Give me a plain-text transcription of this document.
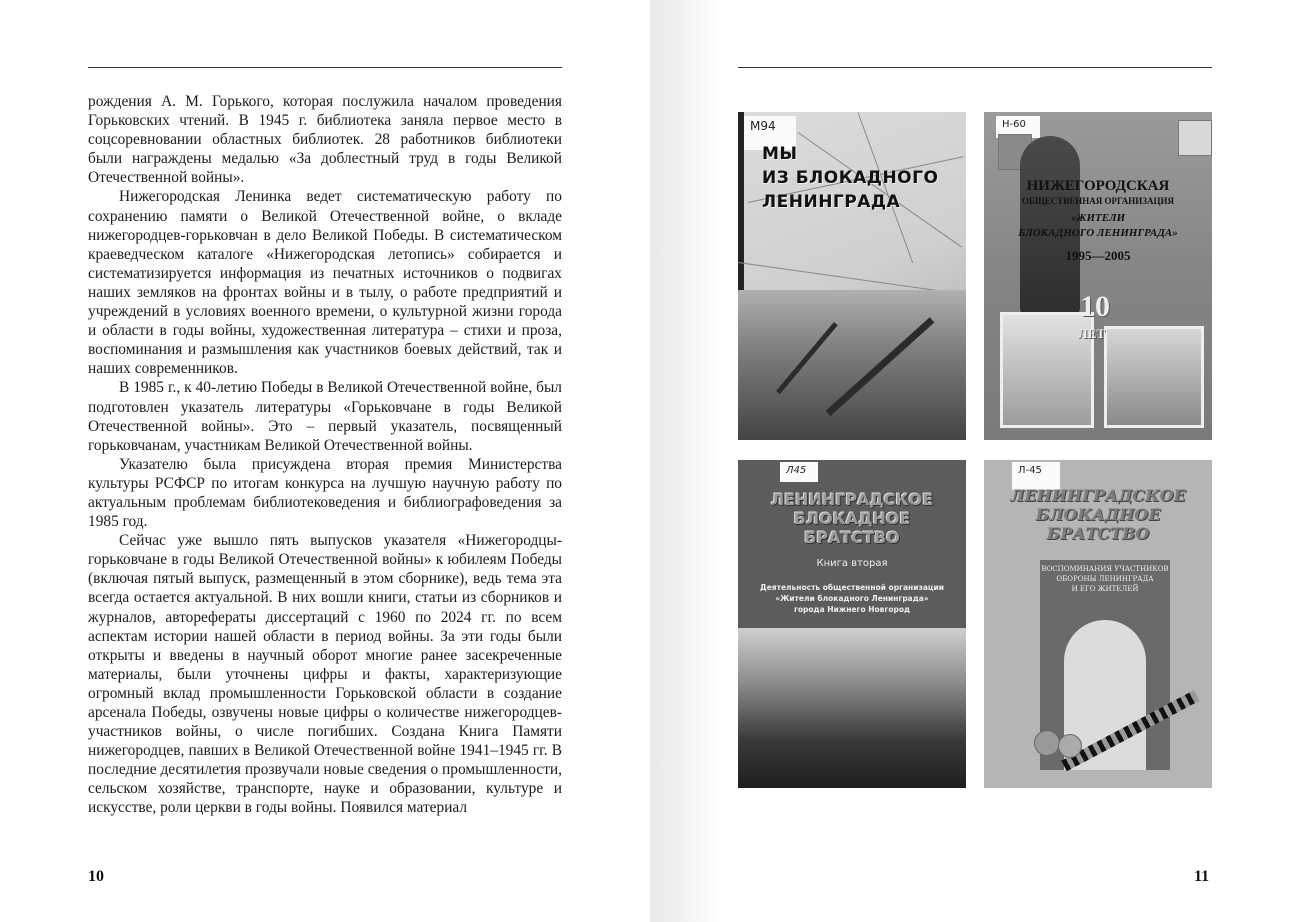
рождения А. М. Горького, которая послужила началом проведения Горьковских чтений. В 1945 г. библиотека заняла первое место в соцсоревновании областных библиотек. 28 работников библиотеки были награждены медалью «За доблестный труд в годы Великой Отечественной войны».

Нижегородская Ленинка ведет систематическую работу по сохранению памяти о Великой Отечественной войне, о вкладе нижегородцев-горьковчан в дело Великой Победы. В систематическом краеведческом каталоге «Нижегородская летопись» собирается и систематизируется информация из печатных источников о подвигах наших земляков на фронтах войны и в тылу, о работе предприятий и учреждений в условиях военного времени, о культурной жизни города и области в годы войны, художественная литература – стихи и проза, воспоминания и размышления как участников боевых действий, так и наших современников.

В 1985 г., к 40-летию Победы в Великой Отечественной войне, был подготовлен указатель литературы «Горьковчане в годы Великой Отечественной войны». Это – первый указатель, посвященный горьковчанам, участникам Великой Отечественной войны.

Указателю была присуждена вторая премия Министерства культуры РСФСР по итогам конкурса на лучшую научную работу по актуальным проблемам библиотековедения и библиографоведения за 1985 год.

Сейчас уже вышло пять выпусков указателя «Нижегородцы-горьковчане в годы Великой Отечественной войны» к юбилеям Победы (включая пятый выпуск, размещенный в этом сборнике), ведь тема эта всегда остается актуальной. В них вошли книги, статьи из сборников и журналов, авторефераты диссертаций с 1960 по 2024 гг. по всем аспектам истории нашей области в период войны. За эти годы были открыты и введены в научный оборот многие ранее засекреченные материалы, были уточнены цифры и факты, характеризующие огромный вклад промышленности Горьковской области в создание арсенала Победы, озвучены новые цифры о количестве нижегородцев-участников войны, о числе погибших. Создана Книга Памяти нижегородцев, павших в Великой Отечественной войне 1941–1945 гг. В последние десятилетия прозвучали новые сведения о промышленности, сельском хозяйстве, транспорте, науке и образовании, культуре и искусстве, роли церкви в годы войны. Появился материал

10
М94
МЫ
ИЗ БЛОКАДНОГО
ЛЕНИНГРАДА
Н-60
НИЖЕГОРОДСКАЯ
ОБЩЕСТВЕННАЯ ОРГАНИЗАЦИЯ
«ЖИТЕЛИ
БЛОКАДНОГО ЛЕНИНГРАДА»
1995—2005
10
ЛЕТ
Л45
ЛЕНИНГРАДСКОЕ
БЛОКАДНОЕ
БРАТСТВО
Книга вторая
Деятельность общественной организации
«Жители блокадного Ленинграда»
города Нижнего Новгород
Л-45
ЛЕНИНГРАДСКОЕ
БЛОКАДНОЕ
БРАТСТВО
ВОСПОМИНАНИЯ УЧАСТНИКОВ
ОБОРОНЫ ЛЕНИНГРАДА
И ЕГО ЖИТЕЛЕЙ
11
